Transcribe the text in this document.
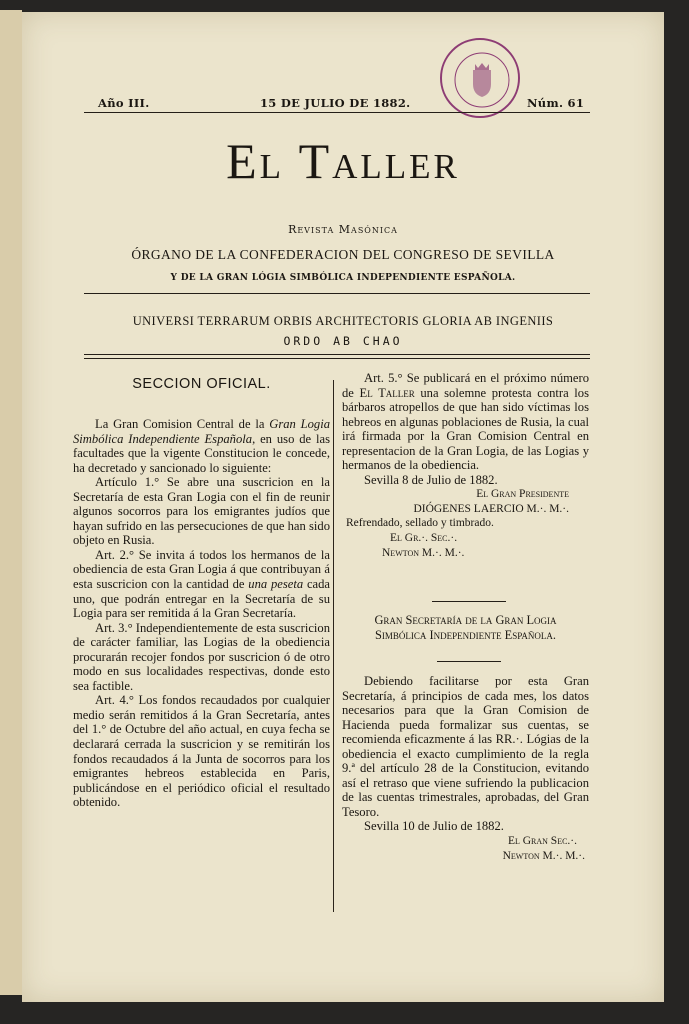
Año III.	15 DE JULIO DE 1882.	Núm. 61
El Taller
Revista Masónica
ÓRGANO DE LA CONFEDERACION DEL CONGRESO DE SEVILLA
Y DE LA GRAN LÓGIA SIMBÓLICA INDEPENDIENTE ESPAÑOLA.
UNIVERSI TERRARUM ORBIS ARCHITECTORIS GLORIA AB INGENIIS
ORDO AB CHAO
SECCION OFICIAL.

La Gran Comision Central de la Gran Logia Simbólica Independiente Española, en uso de las facultades que la vigente Constitucion le concede, ha decretado y sancionado lo siguiente:

Artículo 1.° Se abre una suscricion en la Secretaría de esta Gran Logia con el fin de reunir algunos socorros para los emigrantes judíos que hayan sufrido en las persecuciones de que han sido objeto en Rusia.

Art. 2.° Se invita á todos los hermanos de la obediencia de esta Gran Logia á que contribuyan á esta suscricion con la cantidad de una peseta cada uno, que podrán entregar en la Secretaría de su Logia para ser remitida á la Gran Secretaría.

Art. 3.° Independientemente de esta suscricion de carácter familiar, las Logias de la obediencia procurarán recojer fondos por suscricion ó de otro modo en sus localidades respectivas, donde esto sea factible.

Art. 4.° Los fondos recaudados por cualquier medio serán remitidos á la Gran Secretaría, antes del 1.° de Octubre del año actual, en cuya fecha se declarará cerrada la suscricion y se remitirán los fondos recaudados á la Junta de socorros para los emigrantes hebreos establecida en Paris, publicándose en el periódico oficial el resultado obtenido.

Art. 5.° Se publicará en el próximo número de El Taller una solemne protesta contra los bárbaros atropellos de que han sido víctimas los hebreos en algunas poblaciones de Rusia, la cual irá firmada por la Gran Comision Central en representacion de la Gran Logia, de las Logias y hermanos de la obediencia.

Sevilla 8 de Julio de 1882.

El Gran Presidente

DIÓGENES LAERCIO M.·. M.·.

Refrendado, sellado y timbrado.

El Gr.·. Sec.·.

Newton M.·. M.·.

Gran Secretaría de la Gran Logia

Simbólica Independiente Española.

Debiendo facilitarse por esta Gran Secretaría, á principios de cada mes, los datos necesarios para que la Gran Comision de Hacienda pueda formalizar sus cuentas, se recomienda eficazmente á las RR.·. Lógias de la obediencia el exacto cumplimiento de la regla 9.ª del artículo 28 de la Constitucion, evitando así el retraso que viene sufriendo la publicacion de las cuentas trimestrales, aprobadas, del Gran Tesoro.

Sevilla 10 de Julio de 1882.

El Gran Sec.·.

Newton M.·. M.·.
